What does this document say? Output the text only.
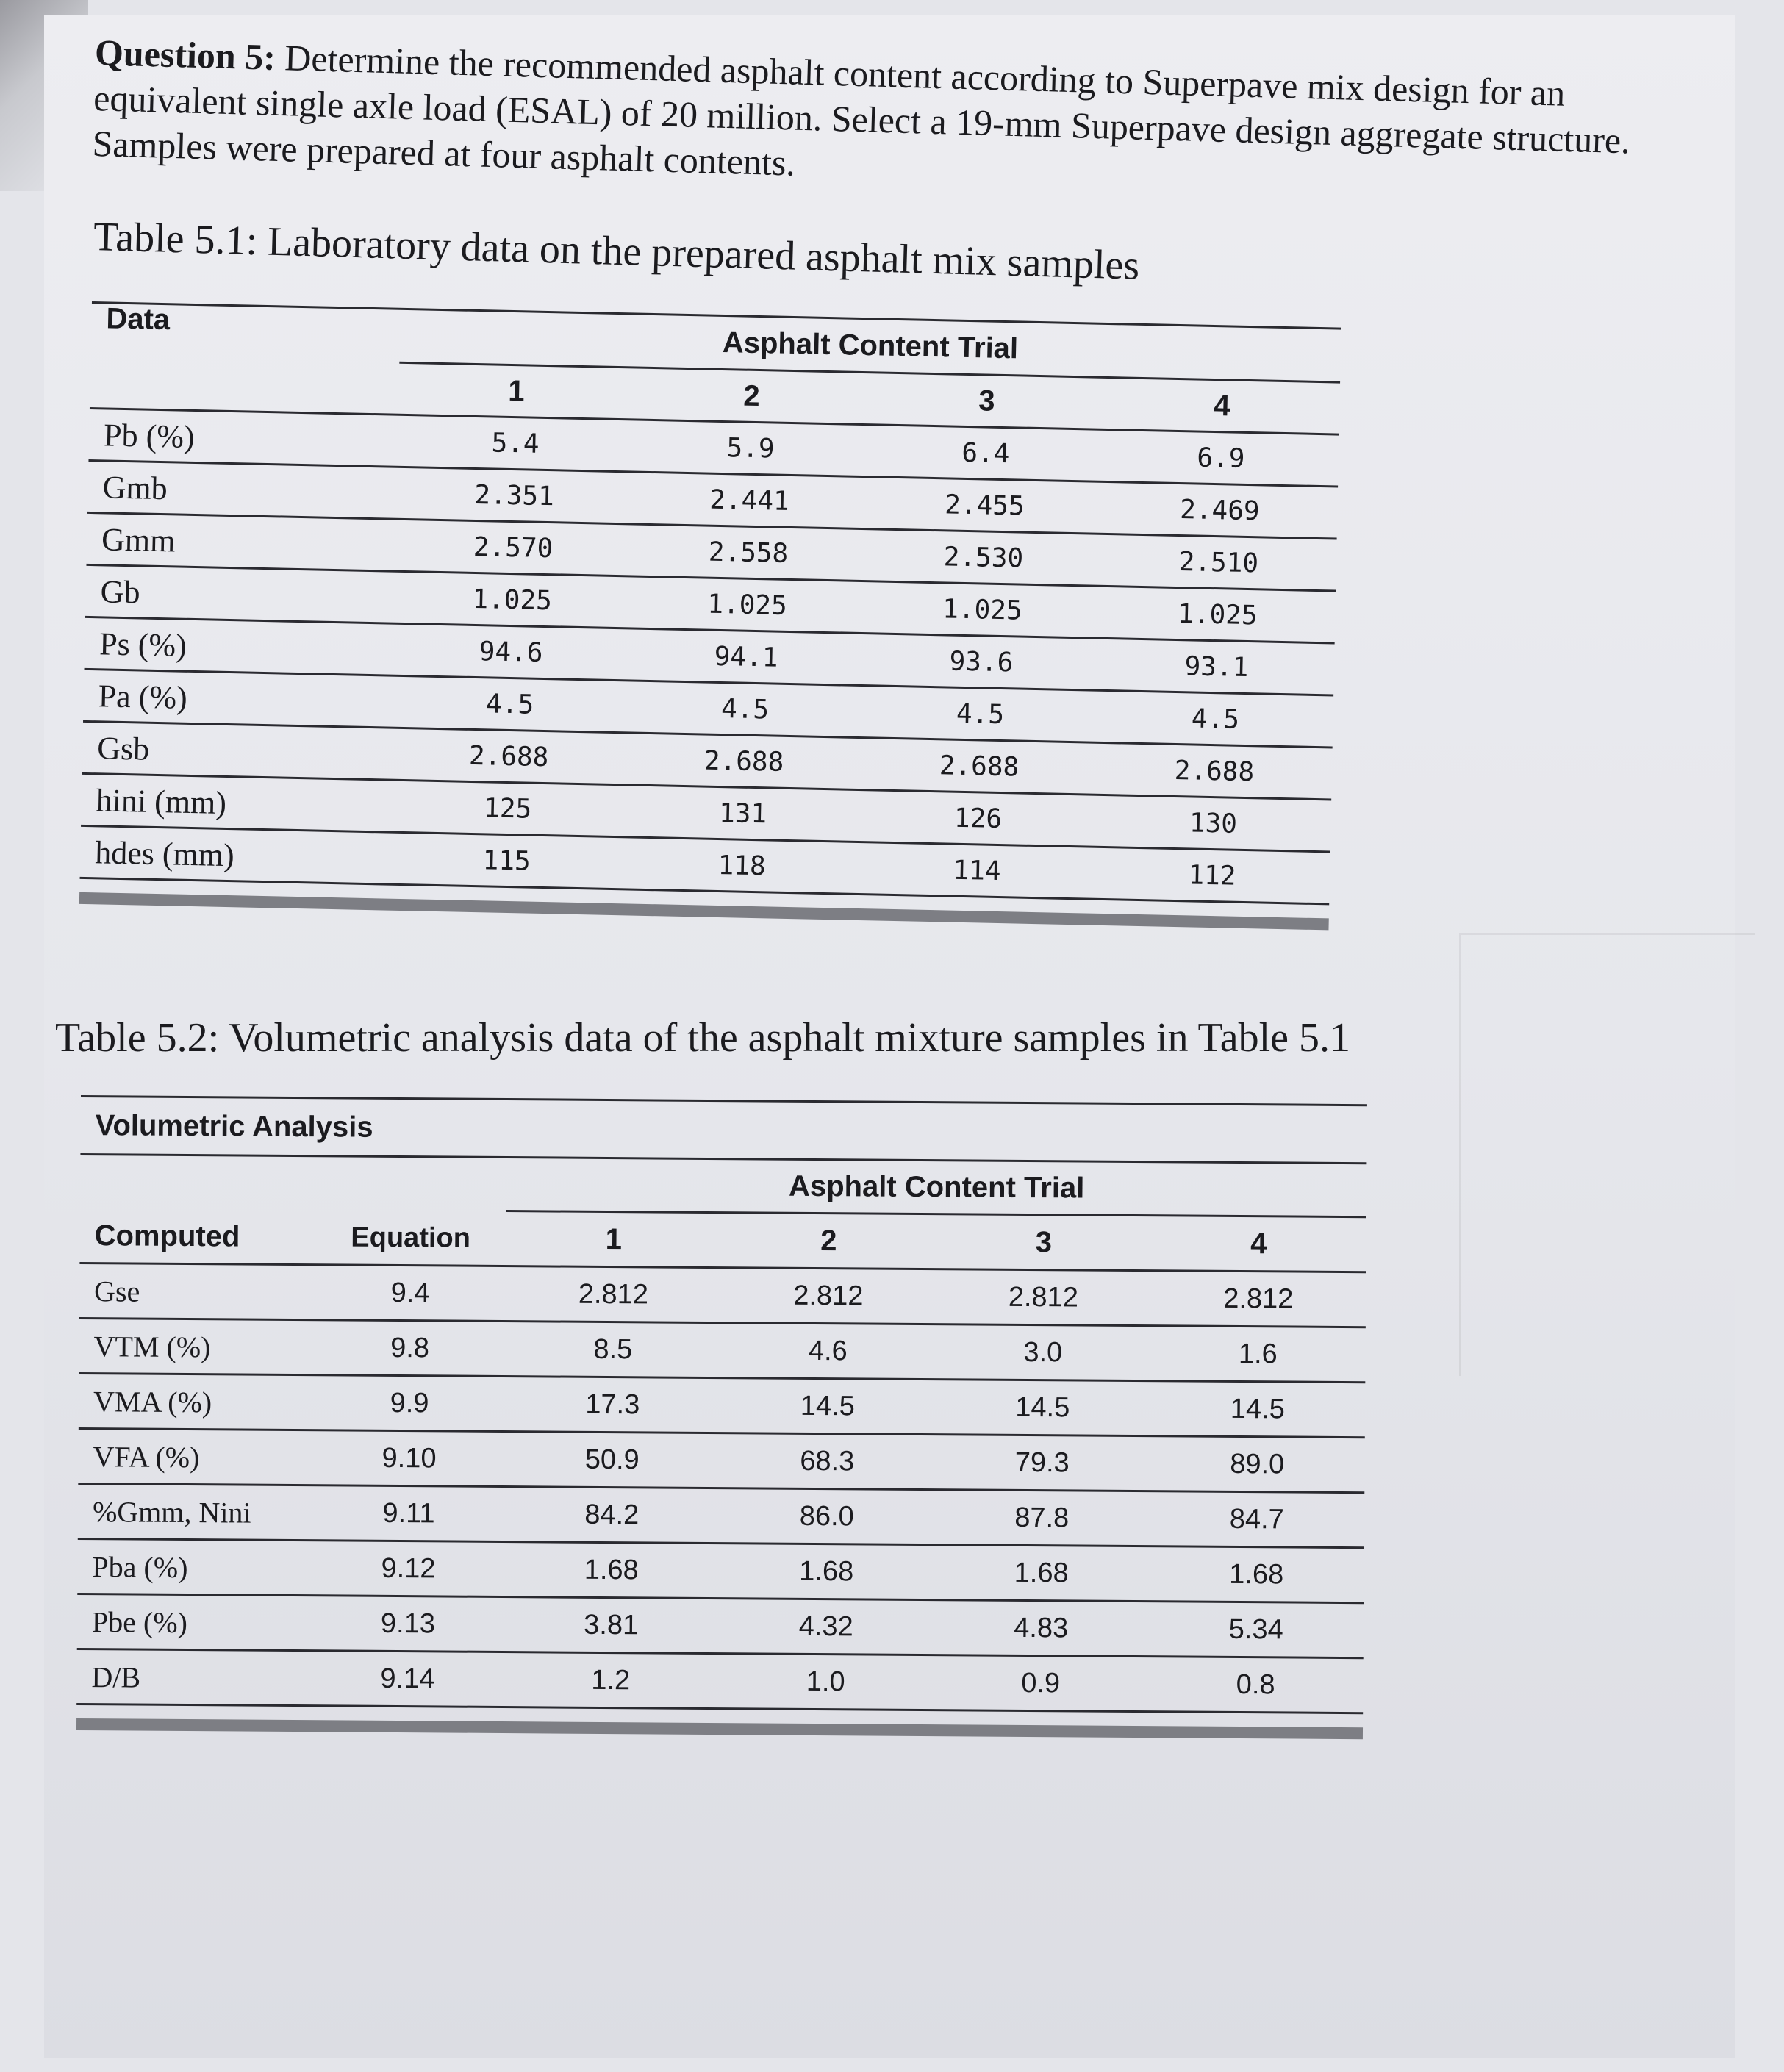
Question 5: Determine the recommended asphalt content according to Superpave mix design for an equivalent single axle load (ESAL) of 20 million. Select a 19-mm Superpave design aggregate structure. Samples were prepared at four asphalt contents.

Table 5.1: Laboratory data on the prepared asphalt mix samples

Data
Asphalt Content Trial
1	2	3	4
Pb (%)	5.4	5.9	6.4	6.9
Gmb	2.351	2.441	2.455	2.469
Gmm	2.570	2.558	2.530	2.510
Gb	1.025	1.025	1.025	1.025
Ps (%)	94.6	94.1	93.6	93.1
Pa (%)	4.5	4.5	4.5	4.5
Gsb	2.688	2.688	2.688	2.688
hini (mm)	125	131	126	130
hdes (mm)	115	118	114	112

Table 5.2: Volumetric analysis data of the asphalt mixture samples in Table 5.1

Volumetric Analysis
Asphalt Content Trial
Computed	Equation	1	2	3	4
Gse	9.4	2.812	2.812	2.812	2.812
VTM (%)	9.8	8.5	4.6	3.0	1.6
VMA (%)	9.9	17.3	14.5	14.5	14.5
VFA (%)	9.10	50.9	68.3	79.3	89.0
%Gmm, Nini	9.11	84.2	86.0	87.8	84.7
Pba (%)	9.12	1.68	1.68	1.68	1.68
Pbe (%)	9.13	3.81	4.32	4.83	5.34
D/B	9.14	1.2	1.0	0.9	0.8
